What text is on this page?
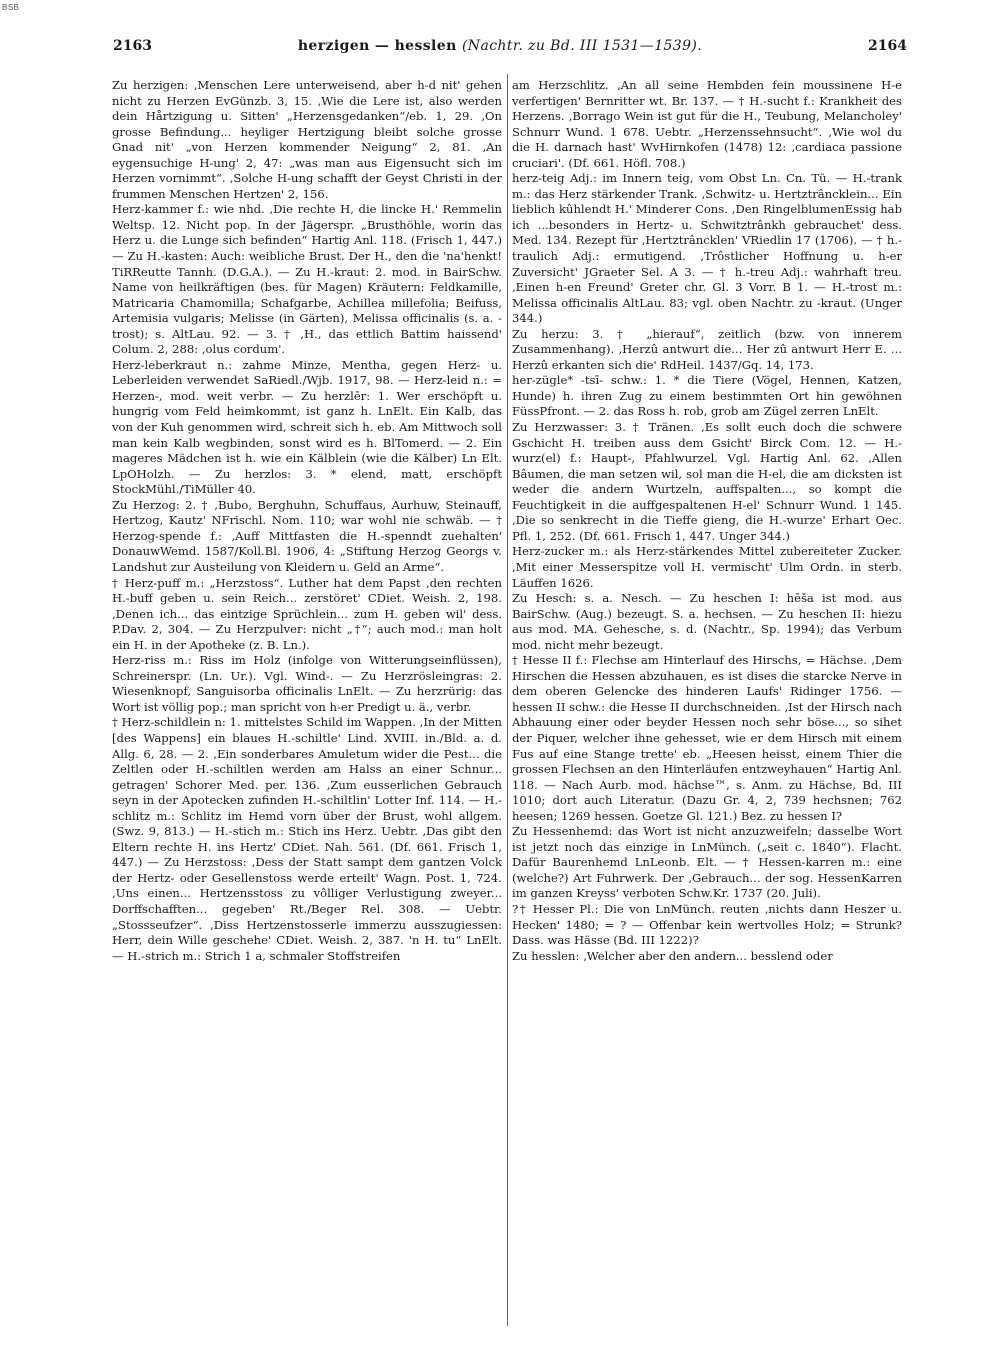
BSB
2163	herzigen — hesslen (Nachtr. zu Bd. III 1531—1539).	2164

Zu herzigen: ‚Menschen Lere unterweisend, aber h-d nit' gehen nicht zu Herzen EvGünzb. 3, 15. ‚Wie die Lere ist, also werden dein Hårtzigung u. Sitten' „Herzensgedanken“/eb. 1, 29. ‚On grosse Befindung... heyliger Hertzigung bleibt solche grosse Gnad nit' „von Herzen kommender Neigung“ 2, 81. ‚An eygensuchige H-ung' 2, 47: „was man aus Eigensucht sich im Herzen vornimmt“. ‚Solche H-ung schafft der Geyst Christi in der frummen Menschen Hertzen' 2, 156.

Herz-kammer f.: wie nhd. ‚Die rechte H, die lincke H.' Remmelin Weltsp. 12. Nicht pop. In der Jägerspr. „Brusthöhle, worin das Herz u. die Lunge sich befinden“ Hartig Anl. 118. (Frisch 1, 447.) — Zu H.-kasten: Auch: weibliche Brust. Der H., den die 'na'henkt! TiRReutte Tannh. (D.G.A.). — Zu H.-kraut: 2. mod. in BairSchw. Name von heilkräftigen (bes. für Magen) Kräutern: Feldkamille, Matricaria Chamomilla; Schafgarbe, Achillea millefolia; Beifuss, Artemisia vulgaris; Melisse (in Gärten), Melissa officinalis (s. a. -trost); s. AltLau. 92. — 3. † ‚H., das ettlich Battim haissend' Colum. 2, 288: ‚olus cordum'.

Herz-leberkraut n.: zahme Minze, Mentha, gegen Herz- u. Leberleiden verwendet SaRiedl./Wjb. 1917, 98. — Herz-leid n.: = Herzen-, mod. weit verbr. — Zu herzlēr: 1. Wer erschöpft u. hungrig vom Feld heimkommt, ist ganz h. LnElt. Ein Kalb, das von der Kuh genommen wird, schreit sich h. eb. Am Mittwoch soll man kein Kalb wegbinden, sonst wird es h. BlTomerd. — 2. Ein mageres Mädchen ist h. wie ein Kälblein (wie die Kälber) Ln Elt. LpOHolzh. — Zu herzlos: 3. * elend, matt, erschöpft StockMühl./TiMüller 40.

Zu Herzog: 2. † ‚Bubo, Berghuhn, Schuffaus, Aurhuw, Steinauff, Hertzog, Kautz' NFrischl. Nom. 110; war wohl nie schwäb. — † Herzog-spende f.: ‚Auff Mittfasten die H.-spenndt zuehalten' DonauwWemd. 1587/Koll.Bl. 1906, 4: „Stiftung Herzog Georgs v. Landshut zur Austeilung von Kleidern u. Geld an Arme“.

† Herz-puff m.: „Herzstoss“. Luther hat dem Papst ‚den rechten H.-buff geben u. sein Reich... zerstöret' CDiet. Weish. 2, 198. ‚Denen ich... das eintzige Sprüchlein... zum H. geben wil' dess. P.Dav. 2, 304. — Zu Herzpulver: nicht „†“; auch mod.: man holt ein H. in der Apotheke (z. B. Ln.).

Herz-riss m.: Riss im Holz (infolge von Witterungseinflüssen), Schreinerspr. (Ln. Ur.). Vgl. Wind-. — Zu Herzrösleingras: 2. Wiesenknopf, Sanguisorba officinalis LnElt. — Zu herzrürig: das Wort ist völlig pop.; man spricht von h-er Predigt u. ä., verbr.

† Herz-schildlein n: 1. mittelstes Schild im Wappen. ‚In der Mitten [des Wappens] ein blaues H.-schiltle' Lind. XVIII. in./Bld. a. d. Allg. 6, 28. — 2. ‚Ein sonderbares Amuletum wider die Pest... die Zeltlen oder H.-schiltlen werden am Halss an einer Schnur... getragen' Schorer Med. per. 136. ‚Zum eusserlichen Gebrauch seyn in der Apotecken zufinden H.-schiltlin' Lotter Inf. 114. — H.-schlitz m.: Schlitz im Hemd vorn über der Brust, wohl allgem. (Swz. 9, 813.) — H.-stich m.: Stich ins Herz. Uebtr. ‚Das gibt den Eltern rechte H. ins Hertz' CDiet. Nah. 561. (Df. 661. Frisch 1, 447.) — Zu Herzstoss: ‚Dess der Statt sampt dem gantzen Volck der Hertz- oder Gesellenstoss werde erteilt' Wagn. Post. 1, 724. ‚Uns einen... Hertzensstoss zu vôlliger Verlustigung zweyer... Dorffschafften... gegeben' Rt./Beger Rel. 308. — Uebtr. „Stossseufzer“. ‚Diss Hertzenstosserle immerzu ausszugiessen: Herr, dein Wille geschehe' CDiet. Weish. 2, 387. 'n H. tu“ LnElt. — H.-strich m.: Strich 1 a, schmaler Stoffstreifen

am Herzschlitz. ‚An all seine Hembden fein moussinene H-e verfertigen' Bernritter wt. Br. 137. — † H.-sucht f.: Krankheit des Herzens. ‚Borrago Wein ist gut für die H., Teubung, Melancholey' Schnurr Wund. 1 678. Uebtr. „Herzenssehnsucht“. ‚Wie wol du die H. darnach hast' WvHirnkofen (1478) 12: ‚cardiaca passione cruciari'. (Df. 661. Höfl. 708.)

herz-teig Adj.: im Innern teig, vom Obst Ln. Cn. Tü. — H.-trank m.: das Herz stärkender Trank. ‚Schwitz- u. Hertztrâncklein... Ein lieblich kûhlendt H.' Minderer Cons. ‚Den RingelblumenEssig hab ich ...besonders in Hertz- u. Schwitztrânkh gebrauchet' dess. Med. 134. Rezept für ‚Hertztrâncklen' VRiedlin 17 (1706). — † h.-traulich Adj.: ermutigend. ‚Trôstlicher Hoffnung u. h-er Zuversicht' JGraeter Sel. A 3. — † h.-treu Adj.: wahrhaft treu. ‚Einen h-en Freund' Greter chr. Gl. 3 Vorr. B 1. — H.-trost m.: Melissa officinalis AltLau. 83; vgl. oben Nachtr. zu -kraut. (Unger 344.)

Zu herzu: 3. † „hierauf“, zeitlich (bzw. von innerem Zusammenhang). ‚Herzû antwurt die... Her zû antwurt Herr E. ... Herzû erkanten sich die' RdHeil. 1437/Gq. 14, 173.

her-zügle* -tsī- schw.: 1. * die Tiere (Vögel, Hennen, Katzen, Hunde) h. ihren Zug zu einem bestimmten Ort hin gewöhnen FüssPfront. — 2. das Ross h. rob, grob am Zügel zerren LnElt.

Zu Herzwasser: 3. † Tränen. ‚Es sollt euch doch die schwere Gschicht H. treiben auss dem Gsicht' Birck Com. 12. — H.-wurz(el) f.: Haupt-, Pfahlwurzel. Vgl. Hartig Anl. 62. ‚Allen Bâumen, die man setzen wil, sol man die H-el, die am dicksten ist weder die andern Wurtzeln, auffspalten..., so kompt die Feuchtigkeit in die auffgespaltenen H-el' Schnurr Wund. 1 145. ‚Die so senkrecht in die Tieffe gieng, die H.-wurze' Erhart Oec. Pfl. 1, 252. (Df. 661. Frisch 1, 447. Unger 344.)

Herz-zucker m.: als Herz-stärkendes Mittel zubereiteter Zucker. ‚Mit einer Messerspitze voll H. vermischt' Ulm Ordn. in sterb. Läuffen 1626.

Zu Hesch: s. a. Nesch. — Zu heschen I: hēša ist mod. aus BairSchw. (Aug.) bezeugt. S. a. hechsen. — Zu heschen II: hiezu aus mod. MA. Gehesche, s. d. (Nachtr., Sp. 1994); das Verbum mod. nicht mehr bezeugt.

† Hesse II f.: Flechse am Hinterlauf des Hirschs, = Hächse. ‚Dem Hirschen die Hessen abzuhauen, es ist dises die starcke Nerve in dem oberen Gelencke des hinderen Laufs' Ridinger 1756. — hessen II schw.: die Hesse II durchschneiden. ‚Ist der Hirsch nach Abhauung einer oder beyder Hessen noch sehr böse..., so sihet der Piquer, welcher ihne gehesset, wie er dem Hirsch mit einem Fus auf eine Stange trette' eb. „Heesen heisst, einem Thier die grossen Flechsen an den Hinterläufen entzweyhauen“ Hartig Anl. 118. — Nach Aurb. mod. hächse™, s. Anm. zu Hächse, Bd. III 1010; dort auch Literatur. (Dazu Gr. 4, 2, 739 hechsnen; 762 heesen; 1269 hessen. Goetze Gl. 121.) Bez. zu hessen I?

Zu Hessenhemd: das Wort ist nicht anzuzweifeln; dasselbe Wort ist jetzt noch das einzige in LnMünch. („seit c. 1840“). Flacht. Dafür Baurenhemd LnLeonb. Elt. — † Hessen-karren m.: eine (welche?) Art Fuhrwerk. Der ‚Gebrauch... der sog. HessenKarren im ganzen Kreyss' verboten Schw.Kr. 1737 (20. Juli).

?† Hesser Pl.: Die von LnMünch. reuten ‚nichts dann Heszer u. Hecken' 1480; = ? — Offenbar kein wertvolles Holz; = Strunk? Dass. was Hässe (Bd. III 1222)?

Zu hesslen: ‚Welcher aber den andern... besslend oder
